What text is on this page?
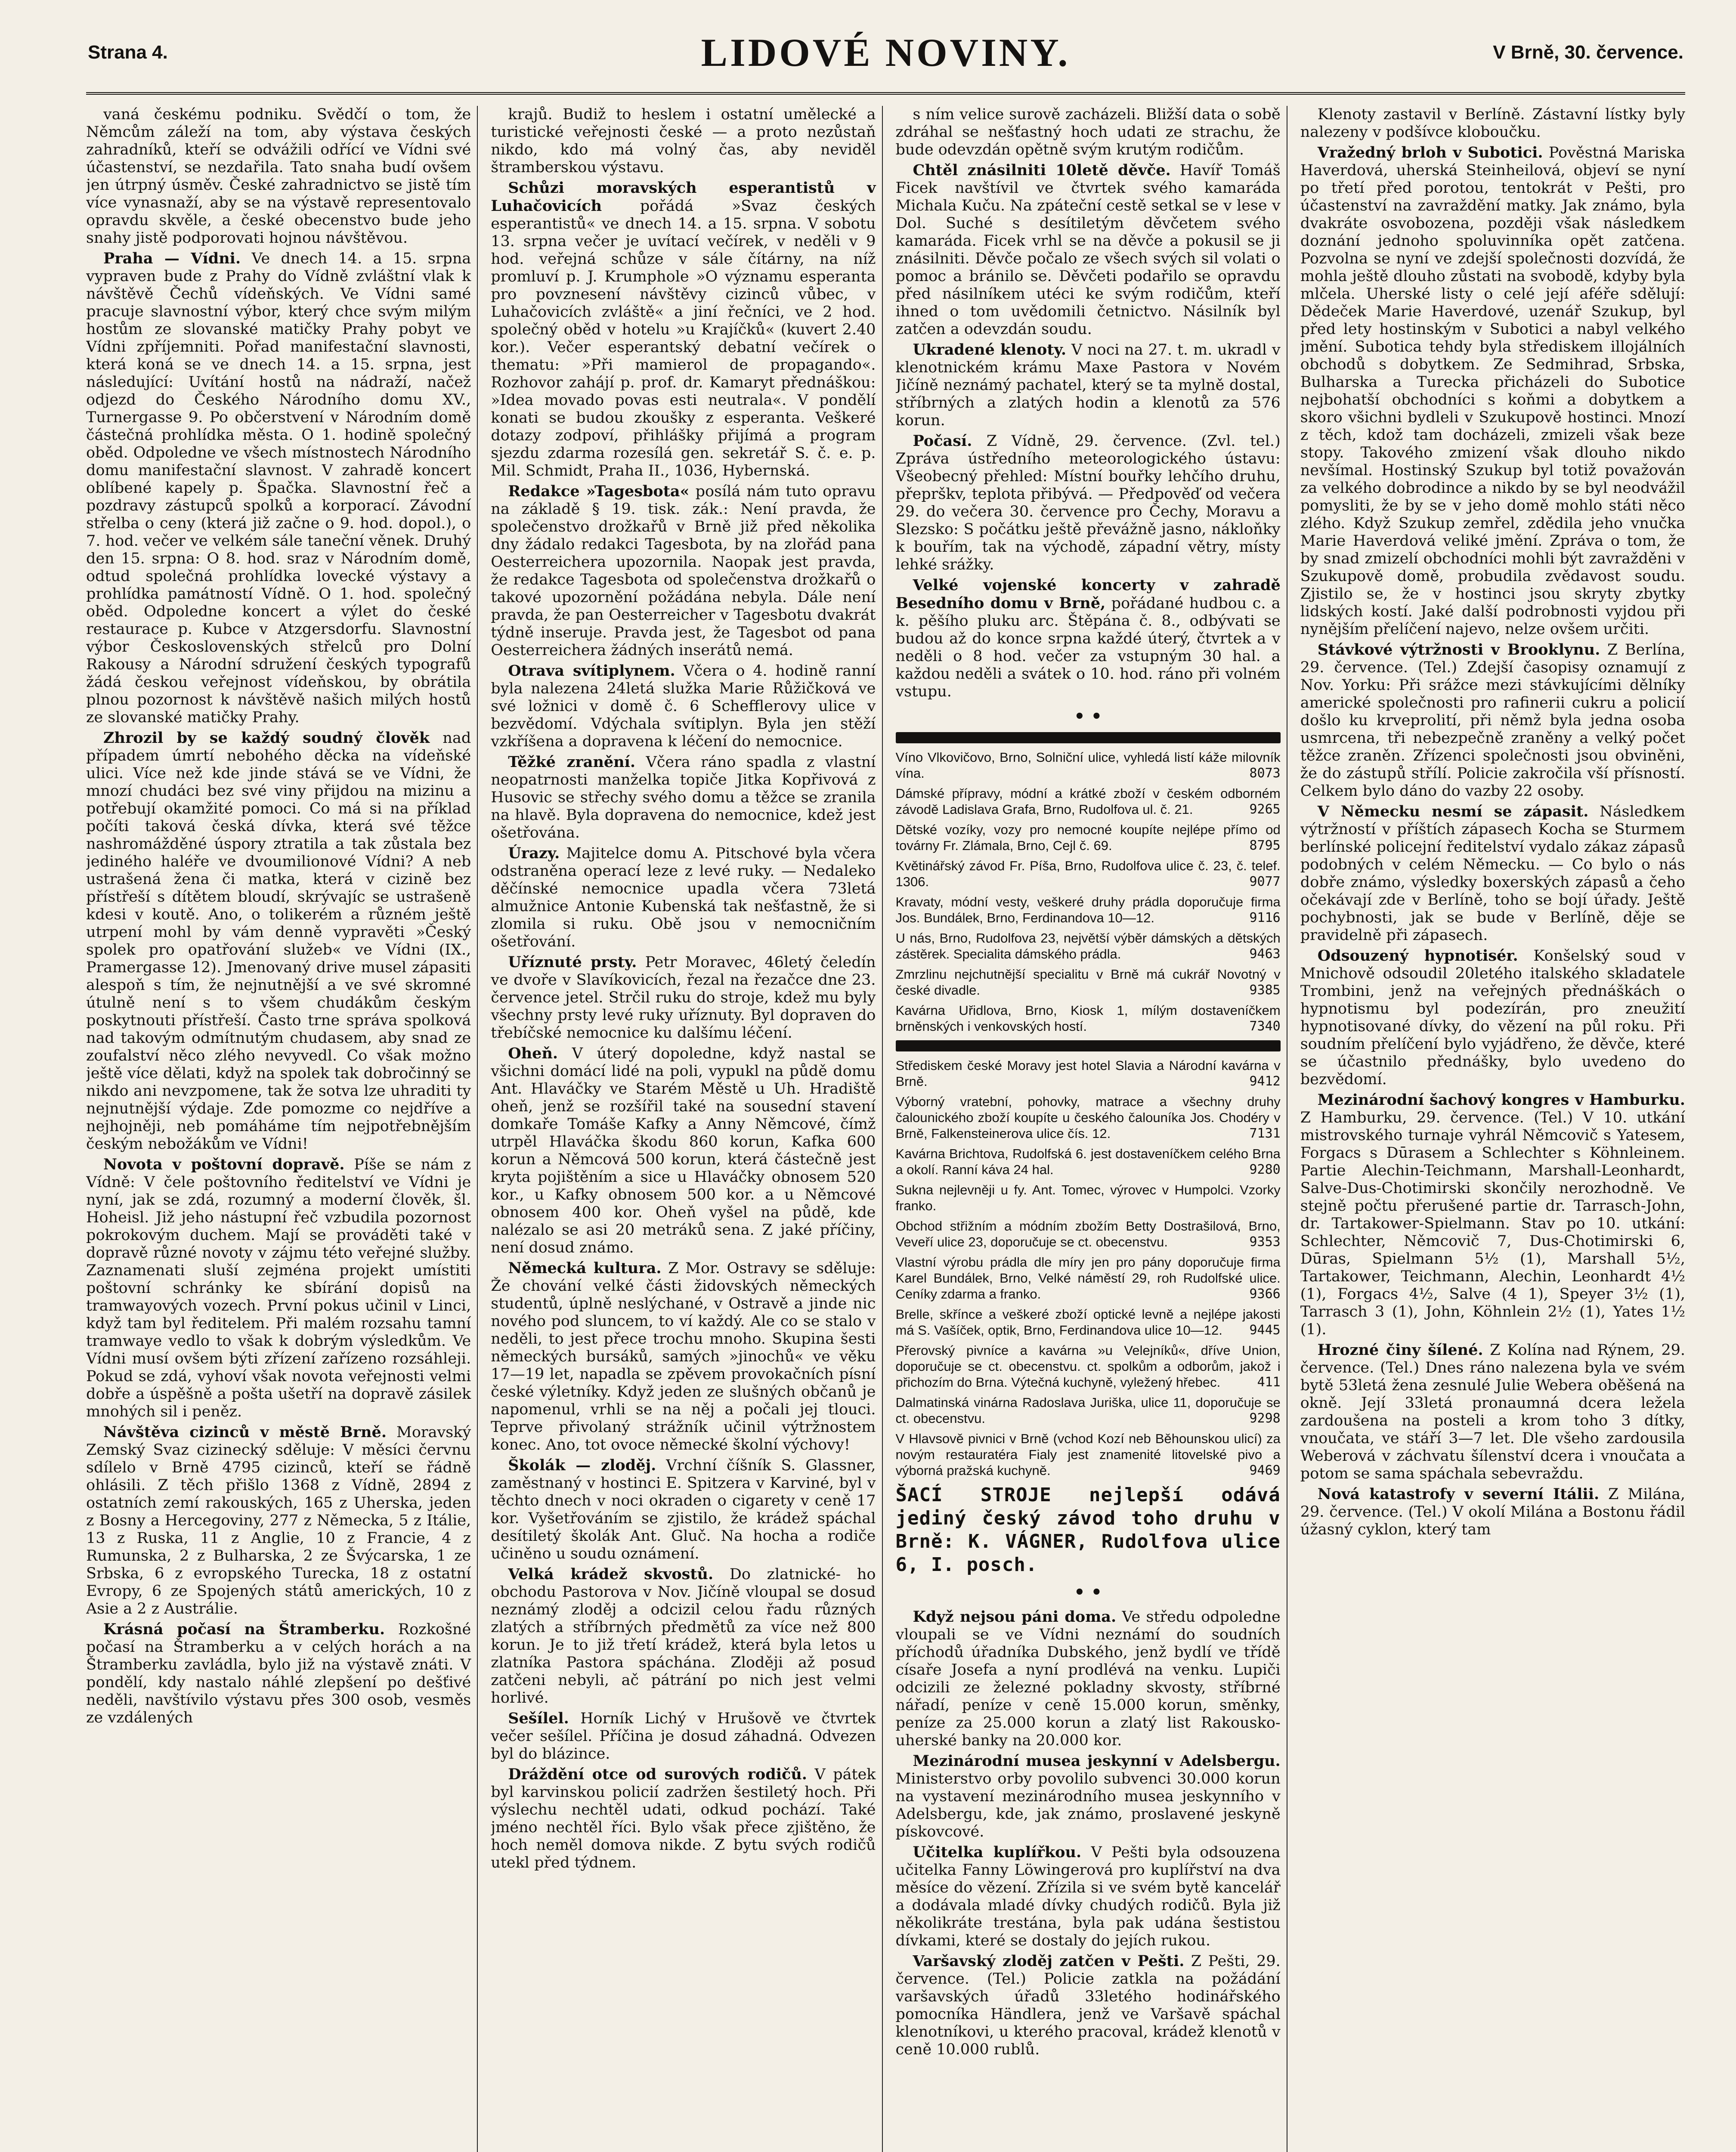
Strana 4.	LIDOVÉ NOVINY.	V Brně, 30. července.

vaná českému podniku. Svědčí o tom, že Němcům záleží na tom, aby výstava českých zahradníků, kteří se odvážili odřící ve Vídni své účastenství, se nezdařila. Tato snaha budí ovšem jen útrpný úsměv. České zahradnictvo se jistě tím více vynasnaží, aby se na výstavě representovalo opravdu skvěle, a české obecenstvo bude jeho snahy jistě podporovati hojnou návštěvou.

Praha — Vídni. Ve dnech 14. a 15. srpna vypraven bude z Prahy do Vídně zvláštní vlak k návštěvě Čechů vídeňských. Ve Vídni samé pracuje slavnostní výbor, který chce svým milým hostům ze slovanské matičky Prahy pobyt ve Vídni zpříjemniti. Pořad manifestační slavnosti, která koná se ve dnech 14. a 15. srpna, jest následující: Uvítání hostů na nádraží, načež odjezd do Českého Národního domu XV., Turnergasse 9. Po občerstvení v Národním domě částečná prohlídka města. O 1. hodině společný oběd. Odpoledne ve všech místnostech Národního domu manifestační slavnost. V zahradě koncert oblíbené kapely p. Špačka. Slavnostní řeč a pozdravy zástupců spolků a korporací. Závodní střelba o ceny (která již začne o 9. hod. dopol.), o 7. hod. večer ve velkém sále taneční věnek. Druhý den 15. srpna: O 8. hod. sraz v Národním domě, odtud společná prohlídka lovecké výstavy a prohlídka památností Vídně. O 1. hod. společný oběd. Odpoledne koncert a výlet do české restaurace p. Kubce v Atzgersdorfu. Slavnostní výbor Československých střelců pro Dolní Rakousy a Národní sdružení českých typografů žádá českou veřejnost vídeňskou, by obrátila plnou pozornost k návštěvě našich milých hostů ze slovanské matičky Prahy.

Zhrozil by se každý soudný člověk nad případem úmrtí nebohého děcka na vídeňské ulici. Více než kde jinde stává se ve Vídni, že mnozí chudáci bez své viny přijdou na mizinu a potřebují okamžité pomoci. Co má si na příklad počíti taková česká dívka, která své těžce nashromážděné úspory ztratila a tak zůstala bez jediného haléře ve dvoumilionové Vídni? A neb ustrašená žena či matka, která v cizině bez přístřeší s dítětem bloudí, skrývajíc se ustrašeně kdesi v koutě. Ano, o tolikerém a různém ještě utrpení mohl by vám denně vypravěti »Český spolek pro opatřování služeb« ve Vídni (IX., Pramergasse 12). Jmenovaný drive musel zápasiti alespoň s tím, že nejnutnější a ve své skromné útulně není s to všem chudákům českým poskytnouti přístřeší. Často trne správa spolková nad takovým odmítnutým chudasem, aby snad ze zoufalství něco zlého nevyvedl. Co však možno ještě více dělati, když na spolek tak dobročinný se nikdo ani nevzpomene, tak že sotva lze uhraditi ty nejnutnější výdaje. Zde pomozme co nejdříve a nejhojněji, neb pomáháme tím nejpotřebnějším českým nebožákům ve Vídni!

Novota v poštovní dopravě. Píše se nám z Vídně: V čele poštovního ředitelství ve Vídni je nyní, jak se zdá, rozumný a moderní člověk, šl. Hoheisl. Již jeho nástupní řeč vzbudila pozornost pokrokovým duchem. Mají se prováděti také v dopravě různé novoty v zájmu této veřejné služby. Zaznamenati sluší zejména projekt umístiti poštovní schránky ke sbírání dopisů na tramwayových vozech. První pokus učinil v Linci, když tam byl ředitelem. Při malém rozsahu tamní tramwaye vedlo to však k dobrým výsledkům. Ve Vídni musí ovšem býti zřízení zařízeno rozsáhleji. Pokud se zdá, vyhoví však novota veřejnosti velmi dobře a úspěšně a pošta ušetří na dopravě zásilek mnohých sil i peněz.

Návštěva cizinců v městě Brně. Moravský Zemský Svaz cizinecký sděluje: V měsíci červnu sdílelo v Brně 4795 cizinců, kteří se řádně ohlásili. Z těch přišlo 1368 z Vídně, 2894 z ostatních zemí rakouských, 165 z Uherska, jeden z Bosny a Hercegoviny, 277 z Německa, 5 z Itálie, 13 z Ruska, 11 z Anglie, 10 z Francie, 4 z Rumunska, 2 z Bulharska, 2 ze Švýcarska, 1 ze Srbska, 6 z evropského Turecka, 18 z ostatní Evropy, 6 ze Spojených států amerických, 10 z Asie a 2 z Austrálie.

Krásná počasí na Štramberku. Rozkošné počasí na Štramberku a v celých horách a na Štramberku zavládla, bylo již na výstavě znáti. V pondělí, kdy nastalo náhlé zlepšení po dešťivé neděli, navštívilo výstavu přes 300 osob, vesměs ze vzdálených

krajů. Budiž to heslem i ostatní umělecké a turistické veřejnosti české — a proto nezůstaň nikdo, kdo má volný čas, aby neviděl štramberskou výstavu.

Schůzi moravských esperantistů v Luhačovicích	pořádá »Svaz českých esperantistů« ve dnech 14. a 15. srpna. V sobotu 13. srpna večer je uvítací večírek, v neděli v 9 hod. veřejná schůze v sále čítárny, na níž promluví p. J. Krumphole »O významu esperanta pro povznesení návštěvy cizinců vůbec, v Luhačovicích zvláště« a jiní řečníci, ve 2 hod. společný oběd v hotelu »u Krajíčků« (kuvert 2.40 kor.). Večer esperantský debatní večírek o thematu: »Při mamierol de propagando«. Rozhovor zahájí p. prof. dr. Kamaryt přednáškou: »Idea movado povas esti neutrala«. V pondělí konati se budou zkoušky z esperanta. Veškeré dotazy zodpoví, přihlášky přijímá a program sjezdu zdarma rozesílá gen. sekretář S. č. e. p. Mil. Schmidt, Praha II., 1036, Hybernská.

Redakce »Tagesbota« posílá nám tuto opravu na základě § 19. tisk. zák.: Není pravda, že společenstvo drožkařů v Brně již před několika dny žádalo redakci Tagesbota, by na zlořád pana Oesterreichera upozornila. Naopak jest pravda, že redakce Tagesbota od společenstva drožkařů o takové upozornění požádána nebyla. Dále není pravda, že pan Oesterreicher v Tagesbotu dvakrát týdně inseruje. Pravda jest, že Tagesbot od pana Oesterreichera žádných inserátů nemá.

Otrava svítiplynem. Včera o 4. hodině ranní byla nalezena 24letá služka Marie Růžičková ve své ložnici v domě č. 6 Schefflerovy ulice v bezvědomí. Vdýchala svítiplyn. Byla jen stěží vzkříšena a dopravena k léčení do nemocnice.

Těžké zranění. Včera ráno spadla z vlastní neopatrnosti manželka topiče Jitka Kopřivová z Husovic se střechy svého domu a těžce se zranila na hlavě. Byla dopravena do nemocnice, kdež jest ošetřována.

Úrazy. Majitelce domu A. Pitschové byla včera odstraněna operací leze z levé ruky. — Nedaleko děčínské nemocnice upadla včera 73letá almužnice Antonie Kubenská tak nešťastně, že si zlomila si ruku. Obě jsou v nemocničním ošetřování.

Uříznuté prsty. Petr Moravec, 46letý čeledín ve dvoře v Slavíkovicích, řezal na řezačce dne 23. července jetel. Strčil ruku do stroje, kdež mu byly všechny prsty levé ruky uříznuty. Byl dopraven do třebíčské nemocnice ku dalšímu léčení.

Oheň. V úterý dopoledne, když nastal se všichni domácí lidé na poli, vypukl na půdě domu Ant. Hlaváčky ve Starém Městě u Uh. Hradiště oheň, jenž se rozšířil také na sousední stavení domkaře Tomáše Kafky a Anny Němcové, čímž utrpěl Hlaváčka škodu 860 korun, Kafka 600 korun a Němcová 500 korun, která částečně jest kryta pojištěním a sice u Hlaváčky obnosem 520 kor., u Kafky obnosem 500 kor. a u Němcové obnosem 400 kor. Oheň vyšel na půdě, kde nalézalo se asi 20 metráků sena. Z jaké příčiny, není dosud známo.

Německá kultura. Z Mor. Ostravy se sděluje: Že chování velké části židovských německých studentů, úplně neslýchané, v Ostravě a jinde nic nového pod sluncem, to ví každý. Ale co se stalo v neděli, to jest přece trochu mnoho. Skupina šesti německých bursáků, samých »jinochů« ve věku 17—19 let, napadla se zpěvem provokačních písní české výletníky. Když jeden ze slušných občanů je napomenul, vrhli se na něj a počali jej tlouci. Teprve přivolaný strážník učinil výtržnostem konec. Ano, tot ovoce německé školní výchovy!

Školák — zloděj. Vrchní číšník S. Glassner, zaměstnaný v hostinci E. Spitzera v Karviné, byl v těchto dnech v noci okraden o cigarety v ceně 17 kor. Vyšetřováním se zjistilo, že krádež spáchal desítiletý školák Ant. Gluč. Na hocha a rodiče učiněno u soudu oznámení.

Velká krádež skvostů. Do zlatnické- ho obchodu Pastorova v Nov. Jičíně vloupal se dosud neznámý zloděj a odcizil celou řadu různých zlatých a stříbrných předmětů za více než 800 korun. Je to již třetí krádež, která byla letos u zlatníka Pastora spáchána. Zloději až posud zatčeni nebyli, ač pátrání po nich jest velmi horlivé.

Sešílel. Horník Lichý v Hrušově ve čtvrtek večer sešílel. Příčina je dosud záhadná. Odvezen byl do blázince.

Dráždění otce od surových rodičů. V pátek byl karvinskou policií zadržen šestiletý hoch. Při výslechu nechtěl udati, odkud pochází. Také jméno nechtěl říci. Bylo však přece zjištěno, že hoch neměl domova nikde. Z bytu svých rodičů utekl před týdnem.

s ním velice surově zacházeli. Bližší data o sobě zdráhal se nešťastný hoch udati ze strachu, že bude odevzdán opětně svým krutým rodičům.

Chtěl znásilniti 10letě děvče. Havíř Tomáš Ficek navštívil ve čtvrtek svého kamaráda Michala Kuču. Na zpáteční cestě setkal se v lese v Dol. Suché s desítiletým děvčetem svého kamaráda. Ficek vrhl se na děvče a pokusil se ji znásilniti. Děvče počalo ze všech svých sil volati o pomoc a bránilo se. Děvčeti podařilo se opravdu před násilníkem utéci ke svým rodičům, kteří ihned o tom uvědomili četnictvo. Násilník byl zatčen a odevzdán soudu.

Ukradené klenoty. V noci na 27. t. m. ukradl v klenotnickém krámu Maxe Pastora v Novém Jičíně neznámý pachatel, který se ta mylně dostal, stříbrných a zlatých hodin a klenotů za 576 korun.

Počasí. Z Vídně, 29. července. (Zvl. tel.) Zpráva ústředního meteorologického ústavu: Všeobecný přehled: Místní bouřky lehčího druhu, přeprškv, teplota přibývá. — Předpověď od večera 29. do večera 30. července pro Čechy, Moravu a Slezsko: S počátku ještě převážně jasno, nákloňky k bouřím, tak na východě, západní větry, místy lehké srážky.

Velké vojenské koncerty v zahradě Besedního domu v Brně, pořádané hudbou c. a k. pěšího pluku arc. Štěpána č. 8., odbývati se budou až do konce srpna každé úterý, čtvrtek a v neděli o 8 hod. večer za vstupným 30 hal. a každou neděli a svátek o 10. hod. ráno při volném vstupu.

• •

Víno Vlkovičovo, Brno, Solniční ulice, vyhledá listí káže milovník vína.	8073

Dámské přípravy, módní a krátké zboží v českém odborném závodě Ladislava Grafa, Brno, Rudolfova ul. č. 21.	9265

Dětské vozíky, vozy pro nemocné koupíte nejlépe přímo od továrny Fr. Zlámala, Brno, Cejl č. 69.	8795

Květinářský závod Fr. Píša, Brno, Rudolfova ulice č. 23, č. telef. 1306.	9077

Kravaty, módní vesty, veškeré druhy prádla doporučuje firma Jos. Bundálek, Brno, Ferdinandova 10—12.	9116

U nás, Brno, Rudolfova 23, největší výběr dámských a dětských zástěrek. Specialita dámského prádla.	9463

Zmrzlinu nejchutnější specialitu v Brně má cukrář Novotný v české divadle.	9385

Kavárna Uřidlova, Brno, Kiosk 1, mílým dostaveníčkem brněnských i venkovských hostí.	7340

Střediskem české Moravy jest hotel Slavia a Národní kavárna v Brně.	9412

Výborný vratební, pohovky, matrace a všechny druhy čalounického zboží koupíte u českého čalouníka Jos. Chodéry v Brně, Falkensteinerova ulice čís. 12.	7131

Kavárna Brichtova, Rudolfská 6. jest dostaveníčkem celého Brna a okolí. Ranní káva 24 hal.	9280

Sukna nejlevněji u fy. Ant. Tomec, výrovec v Humpolci. Vzorky franko.

Obchod střižním a módním zbožím Betty Dostrašilová, Brno, Veveří ulice 23, doporučuje se ct. obecenstvu.	9353

Vlastní výrobu prádla dle míry jen pro pány doporučuje firma Karel Bundálek, Brno, Velké náměstí 29, roh Rudolfské ulice. Ceníky zdarma a franko.	9366

Brelle, skřínce a veškeré zboží optické levně a nejlépe jakosti má S. Vašíček, optik, Brno, Ferdinandova ulice 10—12. 9445

Přerovský pivníce a kavárna »u Velejníků«, dříve Union, doporučuje se ct. obecenstvu. ct. spolkům a odborům, jakož i přichozím do Brna. Výtečná kuchyně, vyležený hřebec.	411

Dalmatinská vinárna Radoslava Juriška, ulice 11, doporučuje se ct. obecenstvu.	9298

V Hlavsově pivnici v Brně (vchod Kozí neb Běhounskou ulicí) za novým restauratéra Fialy jest znamenité litovelské pivo a výborná pražská kuchyně.	9469

ŠACÍ STROJE nejlepší odává jediný český závod toho druhu v Brně: K. VÁGNER, Rudolfova ulice 6, I. posch.
• •

Když nejsou páni doma. Ve středu odpoledne vloupali se ve Vídni neznámí do soudních příchodů úřadníka Dubského, jenž bydlí ve třídě císaře Josefa a nyní prodlévá na venku. Lupiči odcizili ze železné pokladny skvosty, stříbrné nářadí, peníze v ceně 15.000 korun, směnky, peníze za 25.000 korun a zlatý list Rakousko-uherské banky na 20.000 kor.

Mezinárodní musea jeskynní v Adelsbergu. Ministerstvo orby povolilo subvenci 30.000 korun na vystavení mezinárodního musea jeskynního v Adelsbergu, kde, jak známo, proslavené jeskyně pískovcové.

Učitelka kuplířkou. V Pešti byla odsouzena učitelka Fanny Löwingerová pro kuplířství na dva měsíce do vězení. Zřízila si ve svém bytě kancelář a dodávala mladé dívky chudých rodičů. Byla již několikráte trestána, byla pak udána šestistou dívkami, které se dostaly do jejích rukou.

Varšavský zloděj zatčen v Pešti. Z Pešti, 29. července. (Tel.) Policie zatkla na požádání varšavských úřadů 33letého hodinářského pomocníka Händlera, jenž ve Varšavě spáchal klenotníkovi, u kterého pracoval, krádež klenotů v ceně 10.000 rublů.

Klenoty zastavil v Berlíně. Zástavní lístky byly nalezeny v podšívce kloboučku.

Vražedný brloh v Subotici. Pověstná Mariska Haverdová, uherská Steinheilová, objeví se nyní po třetí před porotou, tentokrát v Pešti, pro účastenství na zavraždění matky. Jak známo, byla dvakráte osvobozena, později však následkem doznání jednoho spoluvinníka opět zatčena. Pozvolna se nyní ve zdejší společnosti dozvídá, že mohla ještě dlouho zůstati na svobodě, kdyby byla mlčela. Uherské listy o celé její aféře sdělují: Dědeček Marie Haverdové, uzenář Szukup, byl před lety hostinským v Subotici a nabyl velkého jmění. Subotica tehdy byla střediskem illojálních obchodů s dobytkem. Ze Sedmihrad, Srbska, Bulharska a Turecka přicházeli do Subotice nejbohatší obchodníci s koňmi a dobytkem a skoro všichni bydleli v Szukupově hostinci. Mnozí z těch, kdož tam docházeli, zmizeli však beze stopy. Takového zmizení však dlouho nikdo nevšímal. Hostinský Szukup byl totiž považován za velkého dobrodince a nikdo by se byl neodvážil pomysliti, že by se v jeho domě mohlo státi něco zlého. Když Szukup zemřel, zdědila jeho vnučka Marie Haverdová veliké jmění. Zpráva o tom, že by snad zmizelí obchodníci mohli být zavražděni v Szukupově domě, probudila zvědavost soudu. Zjistilo se, že v hostinci jsou skryty zbytky lidských kostí. Jaké další podrobnosti vyjdou při nynějším přelíčení najevo, nelze ovšem určiti.

Stávkové výtržnosti v Brooklynu. Z Berlína, 29. července. (Tel.) Zdejší časopisy oznamují z Nov. Yorku: Při srážce mezi stávkujícími dělníky americké společnosti pro rafinerii cukru a policií došlo ku krveprolití, při němž byla jedna osoba usmrcena, tři nebezpečně zraněny a velký počet těžce zraněn. Zřízenci společnosti jsou obviněni, že do zástupů střílí. Policie zakročila vší přísností. Celkem bylo dáno do vazby 22 osoby.

V Německu nesmí se zápasit. Následkem výtržností v příštích zápasech Kocha se Sturmem berlínské policejní ředitelství vydalo zákaz zápasů podobných v celém Německu. — Co bylo o nás dobře známo, výsledky boxerských zápasů a čeho očekávají zde v Berlíně, toho se bojí úřady. Ještě pochybnosti, jak se bude v Berlíně, děje se pravidelně při zápasech.

Odsouzený hypnotisér. Konšelský soud v Mnichově odsoudil 20letého italského skladatele Trombini, jenž na veřejných přednáškách o hypnotismu byl podezírán, pro zneužití hypnotisované dívky, do vězení na půl roku. Při soudním přelíčení bylo vyjádřeno, že děvče, které se účastnilo přednášky, bylo uvedeno do bezvědomí.

Mezinárodní šachový kongres v Hamburku. Z Hamburku, 29. července. (Tel.) V 10. utkání mistrovského turnaje vyhrál Němcovič s Yatesem, Forgacs s Dūrasem a Schlechter s Köhnleinem. Partie Alechin-Teichmann, Marshall-Leonhardt, Salve-Dus-Chotimirski skončily nerozhodně. Ve stejně počtu přerušené partie dr. Tarrasch-John, dr. Tartakower-Spielmann. Stav po 10. utkání: Schlechter, Němcovič 7, Dus-Chotimirski 6, Dūras, Spielmann 5½ (1), Marshall 5½, Tartakower, Teichmann, Alechin, Leonhardt 4½ (1), Forgacs 4½, Salve (4 1), Speyer 3½ (1), Tarrasch 3 (1), John, Köhnlein 2½ (1), Yates 1½ (1).

Hrozné činy šílené. Z Kolína nad Rýnem, 29. července. (Tel.) Dnes ráno nalezena byla ve svém bytě 53letá žena zesnulé Julie Webera oběšená na okně. Její 33letá pronaumná dcera ležela zardoušena na posteli a krom toho 3 dítky, vnoučata, ve stáří 3—7 let. Dle všeho zardousila Weberová v záchvatu šílenství dcera i vnoučata a potom se sama spáchala sebevraždu.

Nová katastrofy v severní Itálii. Z Milána, 29. července. (Tel.) V okolí Milána a Bostonu řádil úžasný cyklon, který tam
